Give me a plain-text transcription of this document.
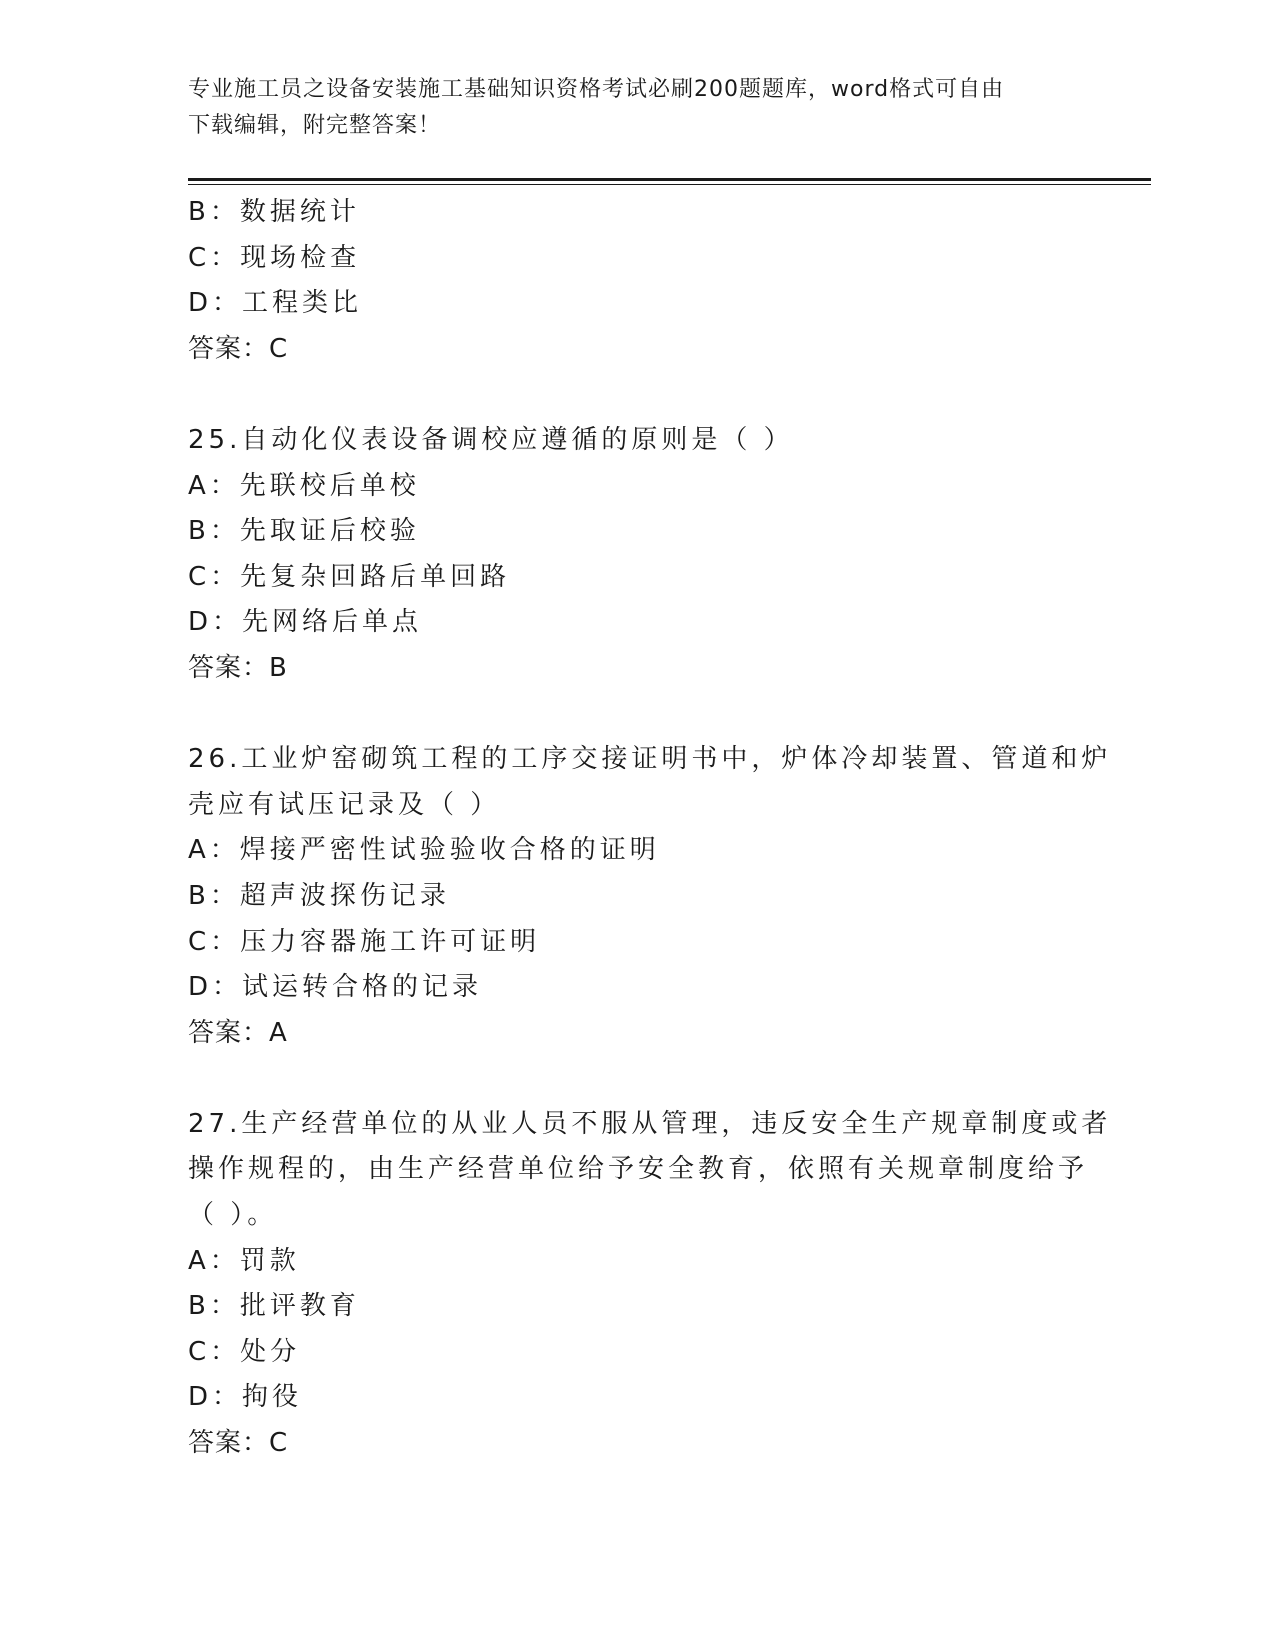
专业施工员之设备安装施工基础知识资格考试必刷200题题库，word格式可自由
下载编辑，附完整答案！
B：数据统计
C：现场检查
D：工程类比
答案：C
25.自动化仪表设备调校应遵循的原则是（ ）
A：先联校后单校
B：先取证后校验
C：先复杂回路后单回路
D：先网络后单点
答案：B
26.工业炉窑砌筑工程的工序交接证明书中，炉体冷却装置、管道和炉
壳应有试压记录及（ ）
A：焊接严密性试验验收合格的证明
B：超声波探伤记录
C：压力容器施工许可证明
D：试运转合格的记录
答案：A
27.生产经营单位的从业人员不服从管理，违反安全生产规章制度或者
操作规程的，由生产经营单位给予安全教育，依照有关规章制度给予
（ ）。
A：罚款
B：批评教育
C：处分
D：拘役
答案：C
